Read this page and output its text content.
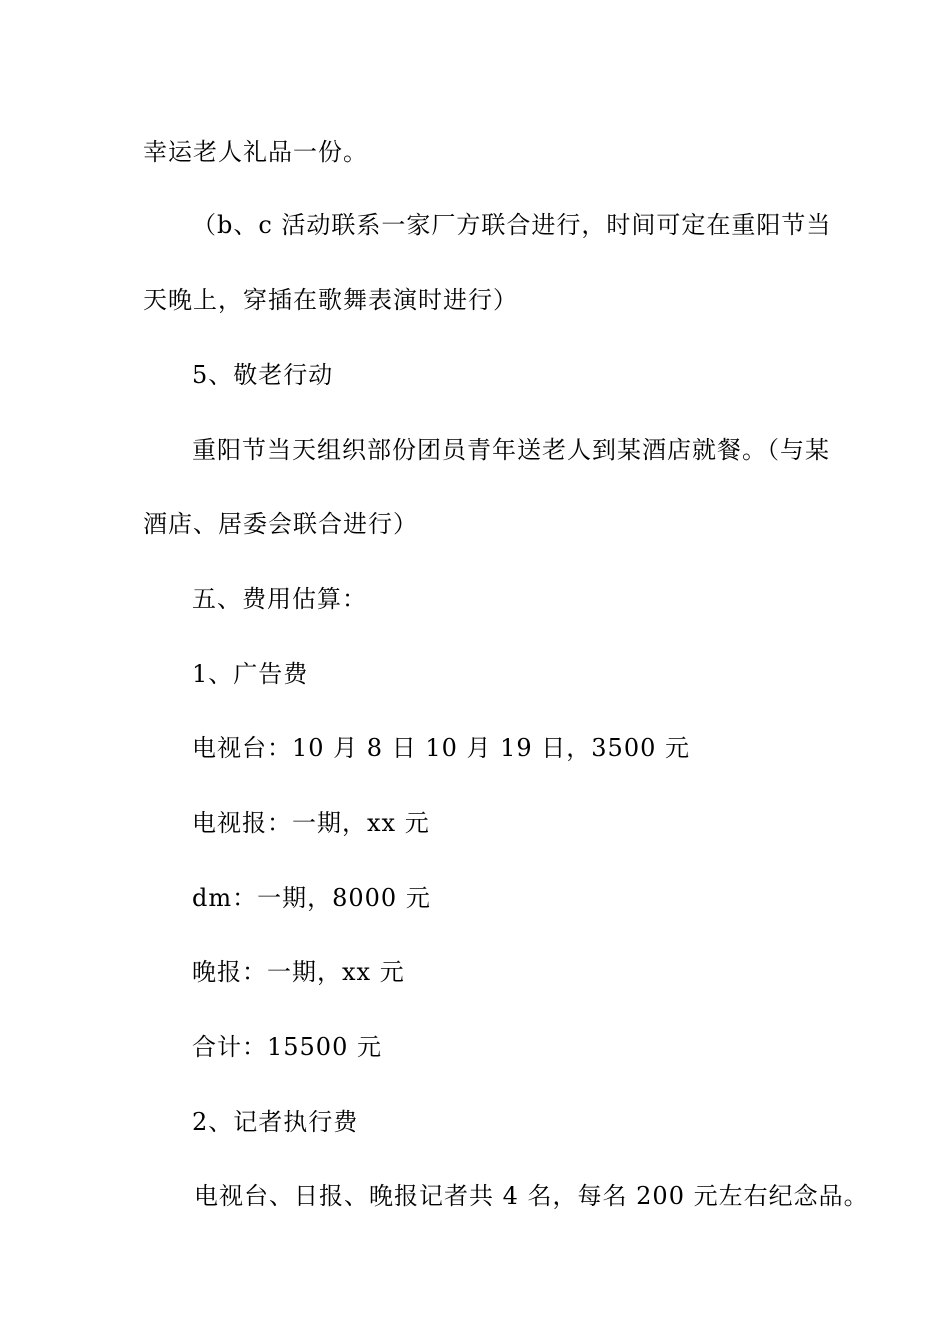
幸运老人礼品一份。
（b、c 活动联系一家厂方联合进行，时间可定在重阳节当
天晚上，穿插在歌舞表演时进行）
5、敬老行动
重阳节当天组织部份团员青年送老人到某酒店就餐。（与某
酒店、居委会联合进行）
五、费用估算：
1、广告费
电视台：10 月 8 日 10 月 19 日，3500 元
电视报：一期，xx 元
dm：一期，8000 元
晚报：一期，xx 元
合计：15500 元
2、记者执行费
电视台、日报、晚报记者共 4 名，每名 200 元左右纪念品。
